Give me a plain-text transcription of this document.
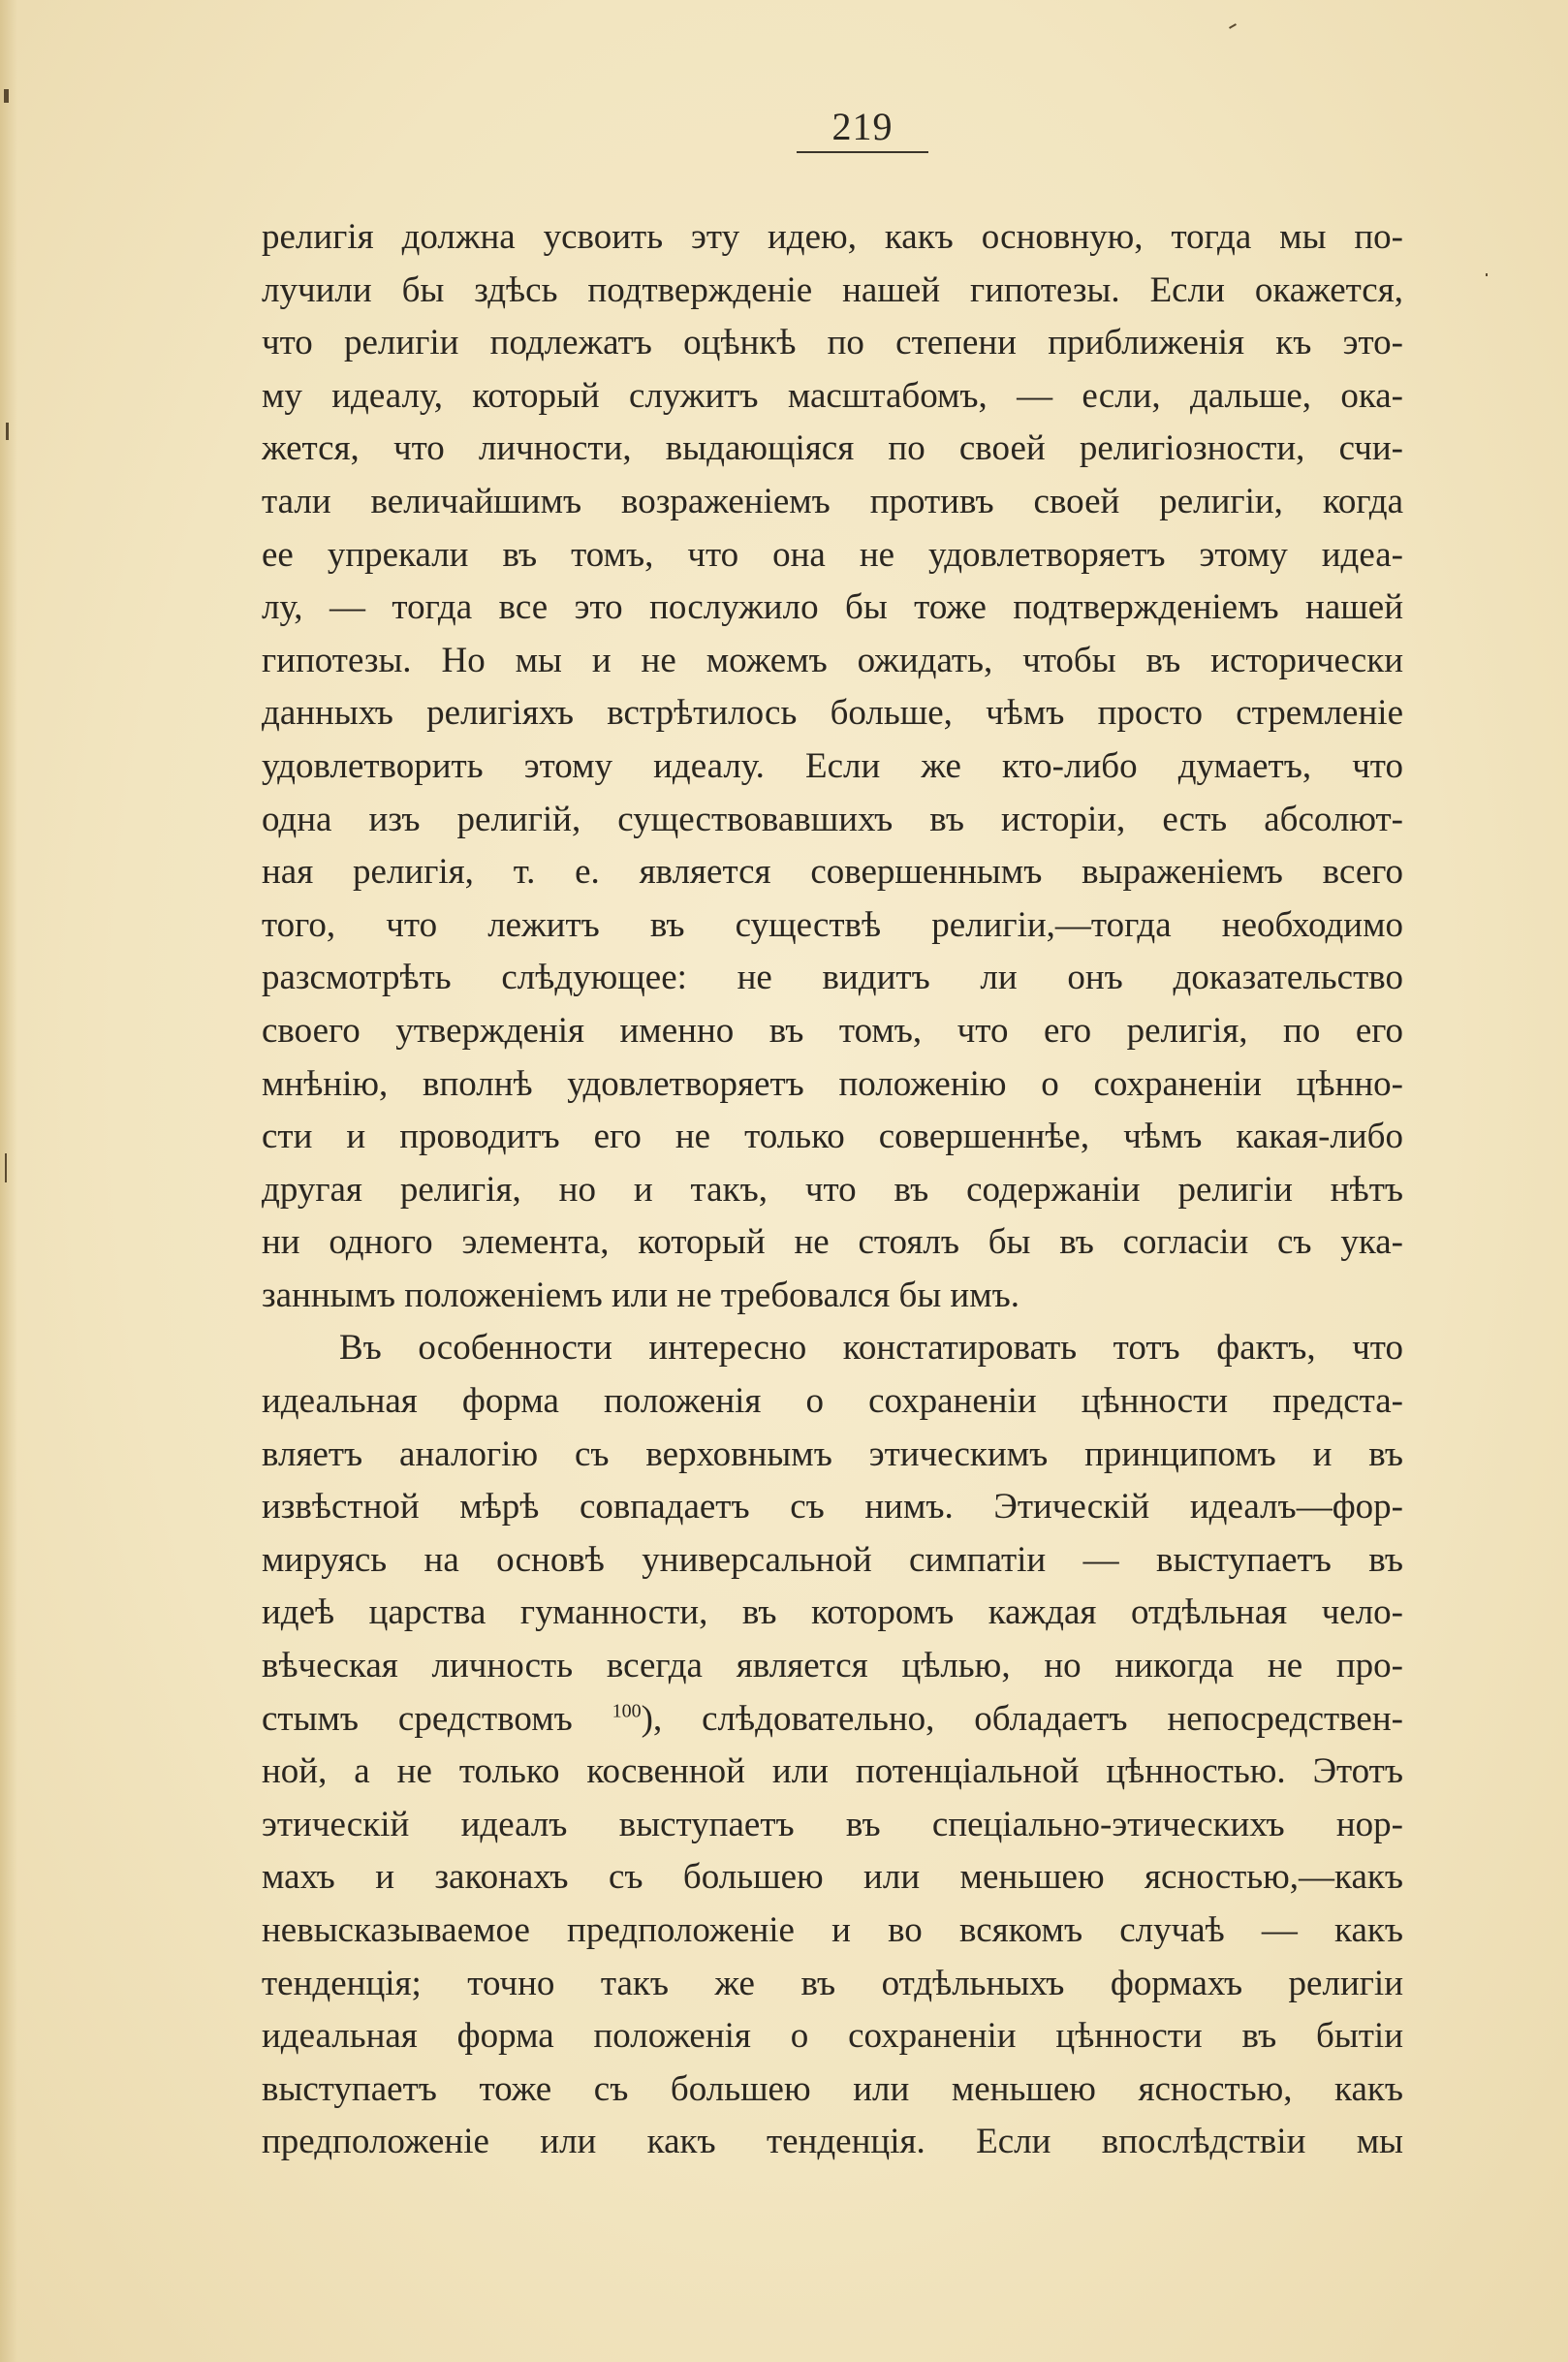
219
религія должна усвоить эту идею, какъ основную, тогда мы по-
лучили бы здѣсь подтвержденіе нашей гипотезы. Если окажется,
что религіи подлежатъ оцѣнкѣ по степени приближенія къ это-
му идеалу, который служитъ масштабомъ, — если, дальше, ока-
жется, что личности, выдающіяся по своей религіозности, счи-
тали величайшимъ возраженіемъ противъ своей религіи, когда
ее упрекали въ томъ, что она не удовлетворяетъ этому идеа-
лу, — тогда все это послужило бы тоже подтвержденіемъ нашей
гипотезы. Но мы и не можемъ ожидать, чтобы въ исторически
данныхъ религіяхъ встрѣтилось больше, чѣмъ просто стремленіе
удовлетворить этому идеалу. Если же кто-либо думаетъ, что
одна изъ религій, существовавшихъ въ исторіи, есть абсолют-
ная религія, т. е. является совершеннымъ выраженіемъ всего
того, что лежитъ въ существѣ религіи,—тогда необходимо
разсмотрѣть слѣдующее: не видитъ ли онъ доказательство
своего утвержденія именно въ томъ, что его религія, по его
мнѣнію, вполнѣ удовлетворяетъ положенію о сохраненіи цѣнно-
сти и проводитъ его не только совершеннѣе, чѣмъ какая-либо
другая религія, но и такъ, что въ содержаніи религіи нѣтъ
ни одного элемента, который не стоялъ бы въ согласіи съ ука-
заннымъ положеніемъ или не требовался бы имъ.
Въ особенности интересно констатировать тотъ фактъ, что
идеальная форма положенія о сохраненіи цѣнности предста-
вляетъ аналогію съ верховнымъ этическимъ принципомъ и въ
извѣстной мѣрѣ совпадаетъ съ нимъ. Этическій идеалъ—фор-
мируясь на основѣ универсальной симпатіи — выступаетъ въ
идеѣ царства гуманности, въ которомъ каждая отдѣльная чело-
вѣческая личность всегда является цѣлью, но никогда не про-
стымъ средствомъ $^{100}$), слѣдовательно, обладаетъ непосредствен-
ной, а не только косвенной или потенціальной цѣнностью. Этотъ
этическій идеалъ выступаетъ въ спеціально-этическихъ нор-
махъ и законахъ съ большею или меньшею ясностью,—какъ
невысказываемое предположеніе и во всякомъ случаѣ — какъ
тенденція; точно такъ же въ отдѣльныхъ формахъ религіи
идеальная форма положенія о сохраненіи цѣнности въ бытіи
выступаетъ тоже съ большею или меньшею ясностью, какъ
предположеніе или какъ тенденція. Если впослѣдствіи мы
